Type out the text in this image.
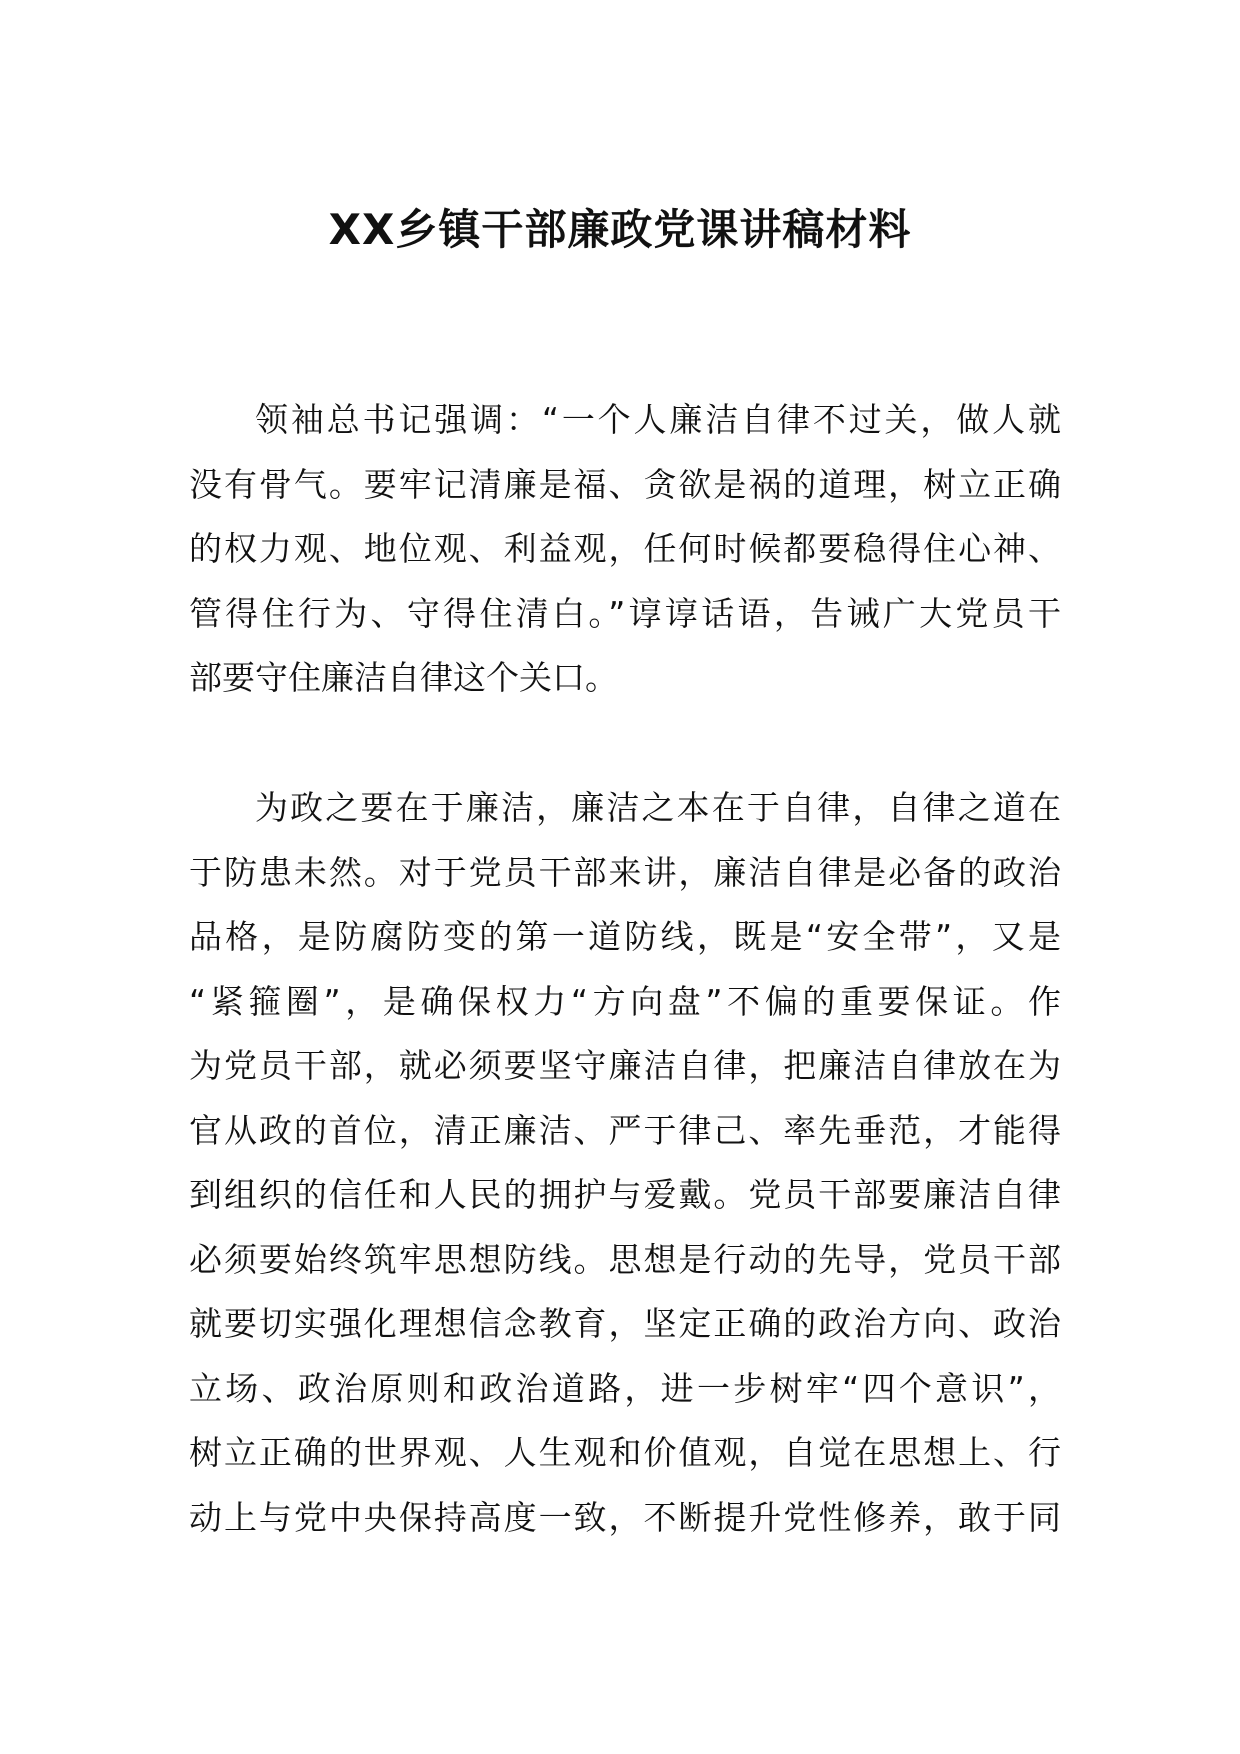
XX乡镇干部廉政党课讲稿材料
领袖总书记强调：“一个人廉洁自律不过关，做人就
没有骨气。要牢记清廉是福、贪欲是祸的道理，树立正确
的权力观、地位观、利益观，任何时候都要稳得住心神、
管得住行为、守得住清白。”谆谆话语，告诫广大党员干
部要守住廉洁自律这个关口。
为政之要在于廉洁，廉洁之本在于自律，自律之道在
于防患未然。对于党员干部来讲，廉洁自律是必备的政治
品格，是防腐防变的第一道防线，既是“安全带”，又是
“紧箍圈”，是确保权力“方向盘”不偏的重要保证。作
为党员干部，就必须要坚守廉洁自律，把廉洁自律放在为
官从政的首位，清正廉洁、严于律己、率先垂范，才能得
到组织的信任和人民的拥护与爱戴。党员干部要廉洁自律
必须要始终筑牢思想防线。思想是行动的先导，党员干部
就要切实强化理想信念教育，坚定正确的政治方向、政治
立场、政治原则和政治道路，进一步树牢“四个意识”，
树立正确的世界观、人生观和价值观，自觉在思想上、行
动上与党中央保持高度一致，不断提升党性修养，敢于同
